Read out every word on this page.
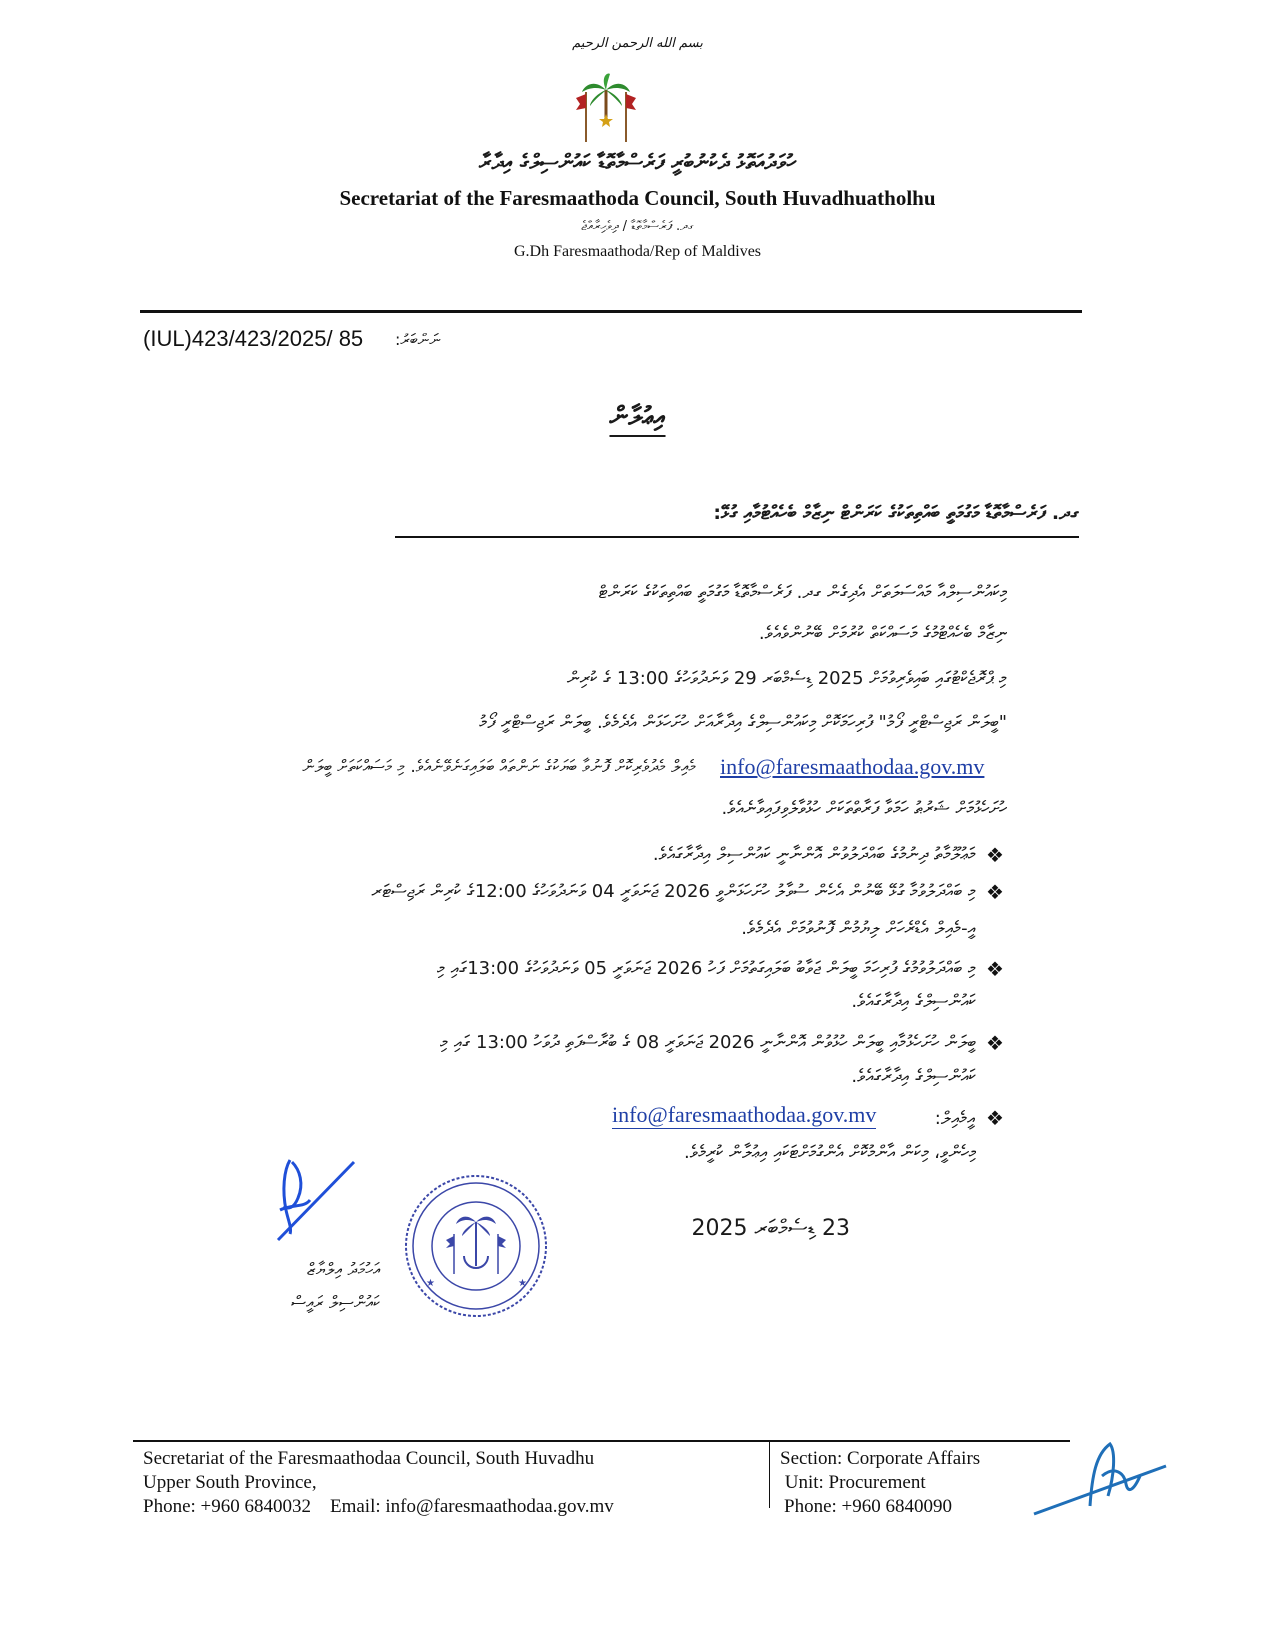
بسم الله الرحمن الرحيم
ހުވަދުއަތޮޅު ދެކުނުބުރީ ފަރެސްމާތޮޑާ ކައުންސިލްގެ އިދާރާ
Secretariat of the Faresmaathoda Council, South Huvadhuatholhu
ގދ. ފަރެސްމާތޮޑާ / ދިވެހިރާއްޖެ
G.Dh Faresmaathoda/Rep of Maldives
(IUL)423/423/2025/ 85 ނަންބަރު:
އިޢުލާން
ގދ. ފަރެސްމާތޮޑާ މަގުމަތީ ބައްތިތަކުގެ ކަރަންޓް ނިޒާމް ބެހެއްޓުމާއި ގުޅޭ:
މިކައުންސިލްއާ މައްސަލަތަށް އެދިގެން ގދ. ފަރެސްމާތޮޑާ މަގުމަތީ ބައްތިތަކުގެ ކަރަންޓް
ނިޒާމް ބެހެއްޓުމުގެ މަސައްކަތް ކުރުމަށް ބޭނުންވެއެވެ.
މި ޕްރޮޖެކްޓުގައި ބައިވެރިވުމަށް 2025 ޑިސެމްބަރ 29 ވަނަދުވަހުގެ 13:00 ގެ ކުރިން
"ބީލަން ރަޖިސްޓްރީ ފޯމު" ފުރިހަމަކޮށް މިކައުންސިލްގެ އިދާރާއަށް ހުށަހަޅަން އެދެމެވެ. ބީލަން ރަޖިސްޓްރީ ފޯމު
info@faresmaathodaa.gov.mv
މެއިލް މެދުވެރިކޮށް ފޮނުވާ ބަޔަކުގެ ނަންތައް ބަލައިގަނެވޭނެއެވެ. މި މަސައްކަތަށް ބީލަން
ހުށަހެޅުމަށް ޝަރުޠު ހަމަވާ ފަރާތްތަކަށް ހުޅުވާލެވިފައިވާނެއެވެ.
❖
މަޢުލޫމާތު ދިނުމުގެ ބައްދަލުވުން އޮންނާނީ ކައުންސިލް އިދާރާގައެވެ.
❖
މި ބައްދަލުވުމާ ގުޅޭ ބޭނުން އެހެން ސުވާލު ހުށަހަޅަންވީ 2026 ޖަނަވަރީ 04 ވަނަދުވަހުގެ 12:00ގެ ކުރިން ރަޖިސްޓަރ
އީ-މެއިލް އެޑްރެހަށް ލިޔުމުން ފޮނުވުމަށް އެދެމެވެ.
❖
މި ބައްދަލުވުމުގެ ފުރިހަމަ ބީލަން ޖަވާބު ބަލައިގަތުމަށް ފަހު 2026 ޖަނަވަރީ 05 ވަނަދުވަހުގެ 13:00ގައި މި
ކައުންސިލްގެ އިދާރާގައެވެ.
❖
ބީލަން ހުށަހެޅުމާއި ބީލަން ހުޅުވުން އޮންނާނީ 2026 ޖަނަވަރީ 08 ގެ ބުރާސްފަތި ދުވަހު 13:00 ގައި މި
ކައުންސިލްގެ އިދާރާގައެވެ.
❖
އީމެއިލް:
info@faresmaathodaa.gov.mv
މިހެންވީ، މިކަން އާންމުކޮށް އެންގުމަށްޓަކައި އިޢުލާން ކުރީމެވެ.
23 ޑިސެމްބަރ 2025
އަހުމަދު އިލްޔާޒް
ކައުންސިލް ރައީސް
★	★
Secretariat of the Faresmaathodaa Council, South Huvadhu
Upper South Province,
Phone: +960 6840032    Email: info@faresmaathodaa.gov.mv
Section: Corporate Affairs
Unit: Procurement
Phone: +960 6840090
